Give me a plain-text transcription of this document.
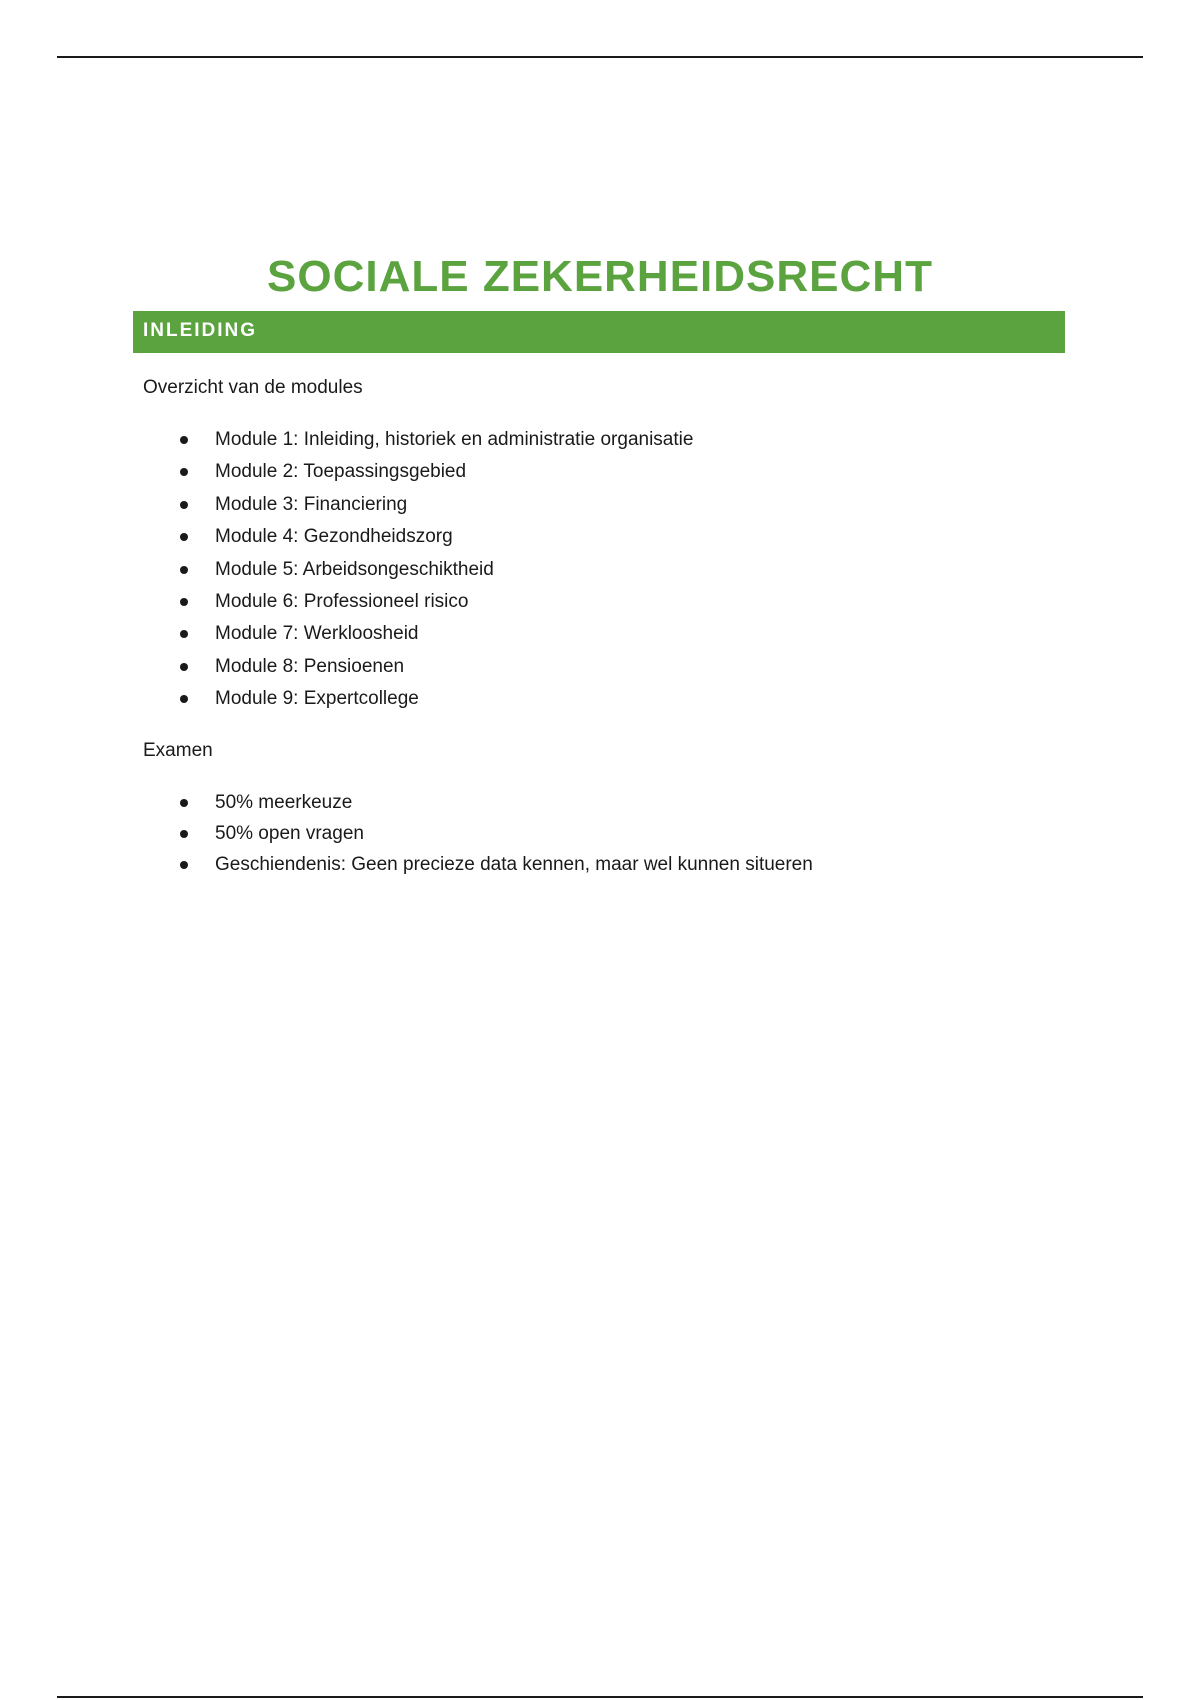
SOCIALE ZEKERHEIDSRECHT
INLEIDING
Overzicht van de modules
Module 1: Inleiding, historiek en administratie organisatie
Module 2: Toepassingsgebied
Module 3: Financiering
Module 4: Gezondheidszorg
Module 5: Arbeidsongeschiktheid
Module 6: Professioneel risico
Module 7: Werkloosheid
Module 8: Pensioenen
Module 9: Expertcollege
Examen
50% meerkeuze
50% open vragen
Geschiendenis: Geen precieze data kennen, maar wel kunnen situeren
